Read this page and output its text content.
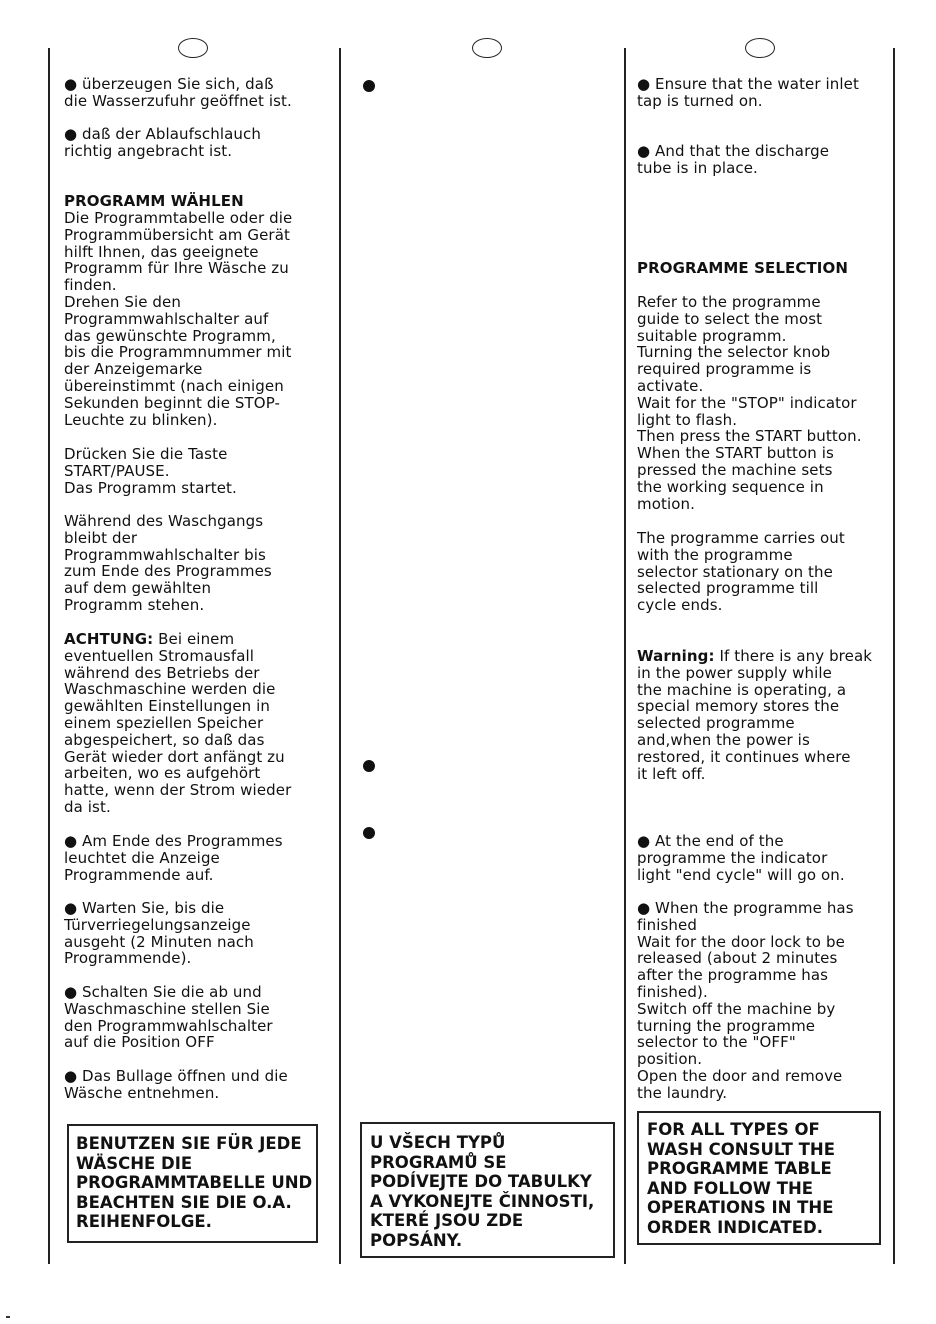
● überzeugen Sie sich, daß
die Wasserzufuhr geöffnet ist.

● daß der Ablaufschlauch
richtig angebracht ist.

PROGRAMM WÄHLEN

Die Programmtabelle oder die
Programmübersicht am Gerät
hilft Ihnen, das geeignete
Programm für Ihre Wäsche zu
finden.
Drehen Sie den
Programmwahlschalter auf
das gewünschte Programm,
bis die Programmnummer mit
der Anzeigemarke
übereinstimmt (nach einigen
Sekunden beginnt die STOP-
Leuchte zu blinken).

Drücken Sie die Taste
START/PAUSE.
Das Programm startet.

Während des Waschgangs
bleibt der
Programmwahlschalter bis
zum Ende des Programmes
auf dem gewählten
Programm stehen.

ACHTUNG: Bei einem
eventuellen Stromausfall
während des Betriebs der
Waschmaschine werden die
gewählten Einstellungen in
einem speziellen Speicher
abgespeichert, so daß das
Gerät wieder dort anfängt zu
arbeiten, wo es aufgehört
hatte, wenn der Strom wieder
da ist.

● Am Ende des Programmes
leuchtet die Anzeige
Programmende auf.

● Warten Sie, bis die
Türverriegelungsanzeige
ausgeht (2 Minuten nach
Programmende).

● Schalten Sie die ab und
Waschmaschine stellen Sie
den Programmwahlschalter
auf die Position OFF

● Das Bullage öffnen und die
Wäsche entnehmen.

BENUTZEN SIE FÜR JEDE
WÄSCHE DIE
PROGRAMMTABELLE UND
BEACHTEN SIE DIE O.A.
REIHENFOLGE.

U VŠECH TYPŮ
PROGRAMŮ SE
PODÍVEJTE DO TABULKY
A VYKONEJTE ČINNOSTI,
KTERÉ JSOU ZDE
POPSÁNY.

● Ensure that the water inlet
tap is turned on.

● And that the discharge
tube is in place.

PROGRAMME SELECTION

Refer to the programme
guide to select the most
suitable programm.
Turning the selector knob
required programme is
activate.
Wait for the "STOP" indicator
light to flash.
Then press the START button.
When the START button is
pressed the machine sets
the working sequence in
motion.

The programme carries out
with the programme
selector stationary on the
selected programme till
cycle ends.

Warning: If there is any break
in the power supply while
the machine is operating, a
special memory stores the
selected programme
and,when the power is
restored, it continues where
it left off.

● At the end of the
programme the indicator
light "end cycle" will go on.

● When the programme has
finished
Wait for the door lock to be
released (about 2 minutes
after the programme has
finished).
Switch off the machine by
turning the programme
selector to the "OFF"
position.
Open the door and remove
the laundry.

FOR ALL TYPES OF
WASH CONSULT THE
PROGRAMME TABLE
AND FOLLOW THE
OPERATIONS IN THE
ORDER INDICATED.
